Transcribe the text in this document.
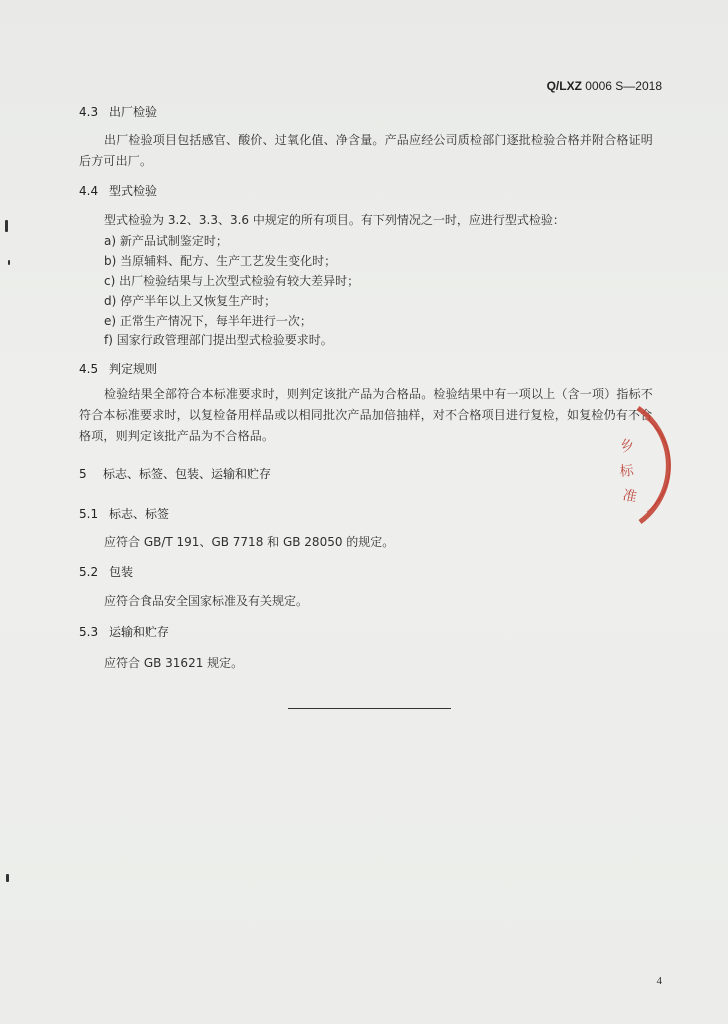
Q/LXZ 0006 S—2018
4.3 出厂检验

出厂检验项目包括感官、酸价、过氧化值、净含量。产品应经公司质检部门逐批检验合格并附合格证明后方可出厂。

4.4 型式检验
型式检验为 3.2、3.3、3.6 中规定的所有项目。有下列情况之一时，应进行型式检验：
a) 新产品试制鉴定时；
b) 当原辅料、配方、生产工艺发生变化时；
c) 出厂检验结果与上次型式检验有较大差异时；
d) 停产半年以上又恢复生产时；
e) 正常生产情况下，每半年进行一次；
f) 国家行政管理部门提出型式检验要求时。
4.5 判定规则

检验结果全部符合本标准要求时，则判定该批产品为合格品。检验结果中有一项以上（含一项）指标不符合本标准要求时，以复检备用样品或以相同批次产品加倍抽样，对不合格项目进行复检，如复检仍有不合格项，则判定该批产品为不合格品。

5 标志、标签、包装、运输和贮存
5.1 标志、标签
应符合 GB/T 191、GB 7718 和 GB 28050 的规定。
5.2 包装
应符合食品安全国家标准及有关规定。
5.3 运输和贮存
应符合 GB 31621 规定。
4
乡
标
准
